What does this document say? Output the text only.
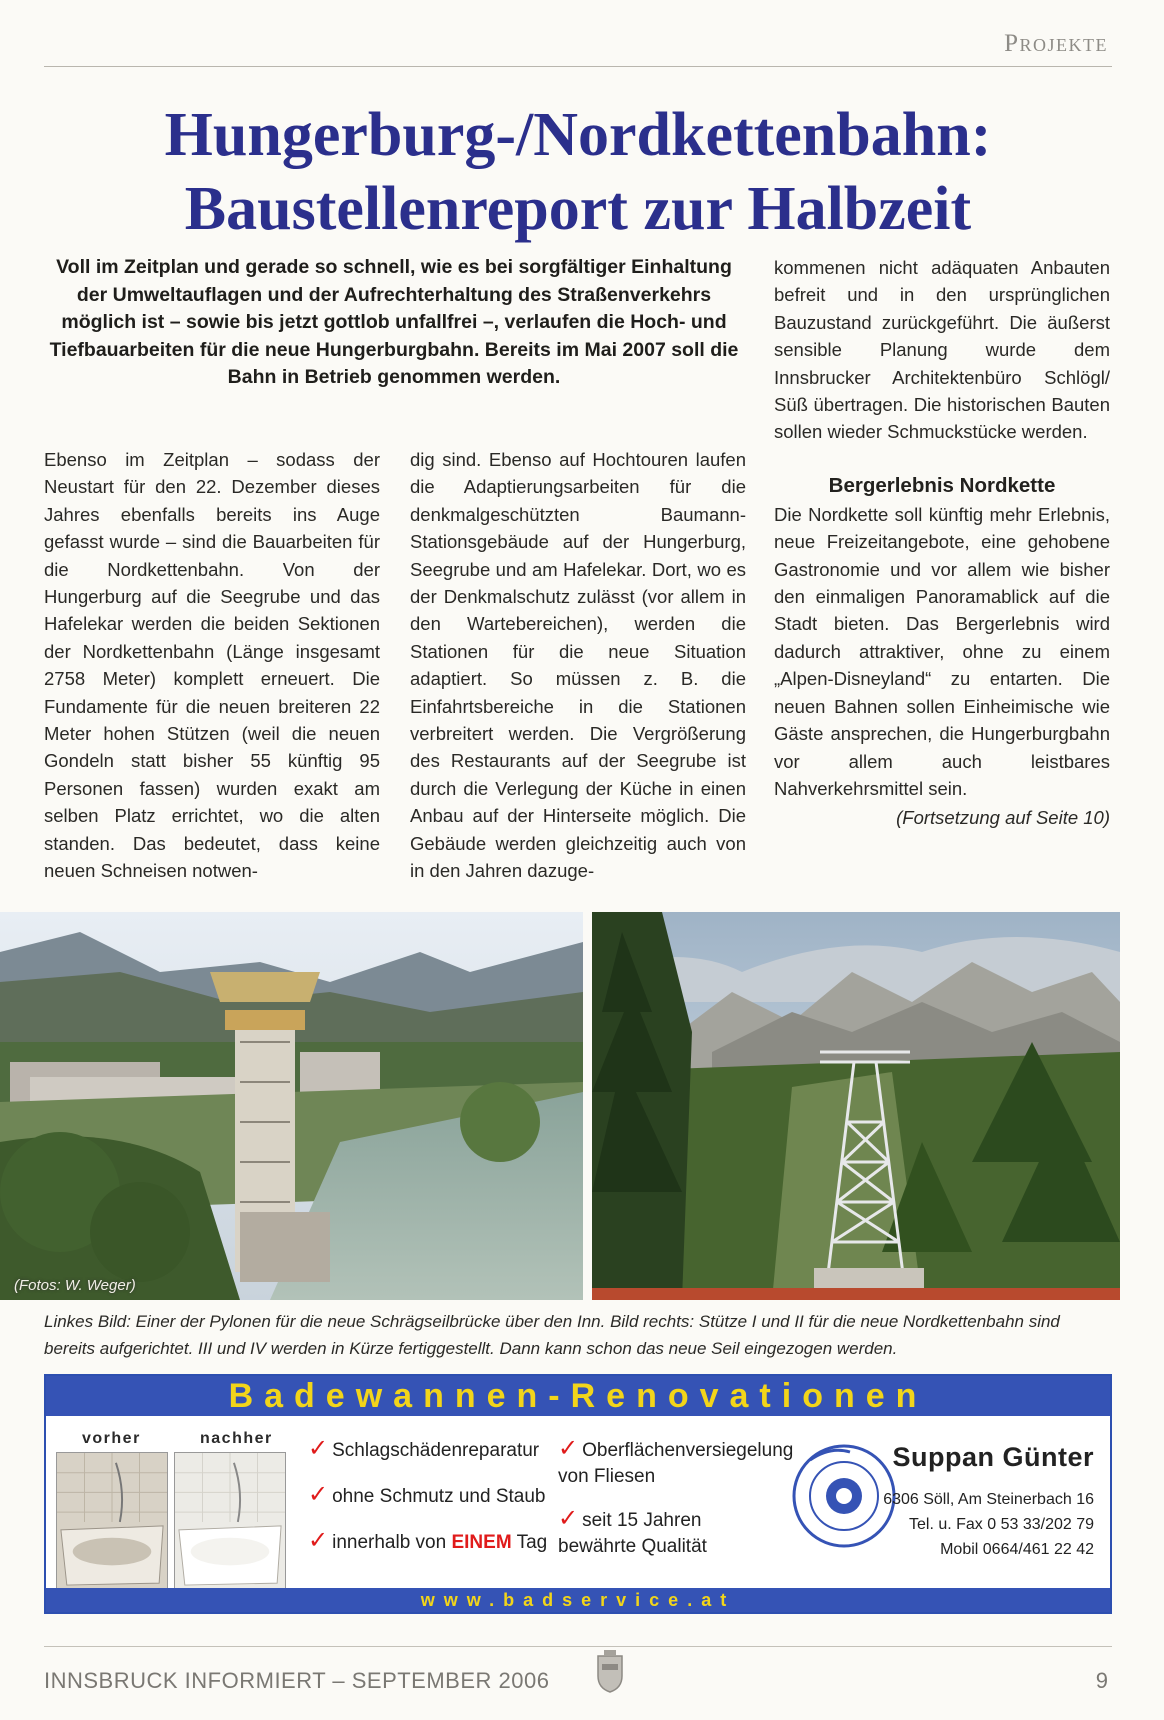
Projekte
Hungerburg-/Nordkettenbahn:
Baustellenreport zur Halbzeit
Voll im Zeitplan und gerade so schnell, wie es bei sorgfältiger Einhaltung der Umweltauflagen und der Aufrechterhaltung des Straßenverkehrs möglich ist – sowie bis jetzt gottlob unfallfrei –, verlaufen die Hoch- und Tiefbauarbeiten für die neue Hungerburgbahn. Bereits im Mai 2007 soll die Bahn in Betrieb genommen werden.

Ebenso im Zeitplan – sodass der Neustart für den 22. Dezember dieses Jahres ebenfalls bereits ins Auge gefasst wurde – sind die Bauarbeiten für die Nordkettenbahn. Von der Hungerburg auf die Seegrube und das Hafelekar werden die beiden Sektionen der Nordkettenbahn (Länge insgesamt 2758 Meter) komplett erneuert. Die Fundamente für die neuen breiteren 22 Meter hohen Stützen (weil die neuen Gondeln statt bisher 55 künftig 95 Personen fassen) wurden exakt am selben Platz errichtet, wo die alten standen. Das bedeutet, dass keine neuen Schneisen notwen-

dig sind. Ebenso auf Hochtouren laufen die Adaptierungsarbeiten für die denkmalgeschützten Baumann-Stationsgebäude auf der Hungerburg, Seegrube und am Hafelekar. Dort, wo es der Denkmalschutz zulässt (vor allem in den Wartebereichen), werden die Stationen für die neue Situation adaptiert. So müssen z. B. die Einfahrtsbereiche in die Stationen verbreitert werden. Die Vergrößerung des Restaurants auf der Seegrube ist durch die Verlegung der Küche in einen Anbau auf der Hinterseite möglich. Die Gebäude werden gleichzeitig auch von in den Jahren dazuge-

kommenen nicht adäquaten Anbauten befreit und in den ursprünglichen Bauzustand zurückgeführt. Die äußerst sensible Planung wurde dem Innsbrucker Architektenbüro Schlögl/ Süß übertragen. Die historischen Bauten sollen wieder Schmuckstücke werden.

Bergerlebnis Nordkette

Die Nordkette soll künftig mehr Erlebnis, neue Freizeitangebote, eine gehobene Gastronomie und vor allem wie bisher den einmaligen Panoramablick auf die Stadt bieten. Das Bergerlebnis wird dadurch attraktiver, ohne zu einem „Alpen-Disneyland“ zu entarten. Die neuen Bahnen sollen Einheimische wie Gäste ansprechen, die Hungerburgbahn vor allem auch leistbares Nahverkehrsmittel sein.

(Fortsetzung auf Seite 10)
(Fotos: W. Weger)
Linkes Bild: Einer der Pylonen für die neue Schrägseilbrücke über den Inn. Bild rechts: Stütze I und II für die neue Nordkettenbahn sind bereits aufgerichtet. III und IV werden in Kürze fertiggestellt. Dann kann schon das neue Seil eingezogen werden.
Badewannen-Renovationen
vorher	nachher ✓ Schlagschädenreparatur
✓ ohne Schmutz und Staub
✓ innerhalb von EINEM Tag
✓ Oberflächenversiegelung von Fliesen
✓ seit 15 Jahren bewährte Qualität
Suppan Günter
6306 Söll, Am Steinerbach 16
Tel. u. Fax 0 53 33/202 79
Mobil 0664/461 22 42
www.badservice.at
INNSBRUCK INFORMIERT – SEPTEMBER 2006	9
